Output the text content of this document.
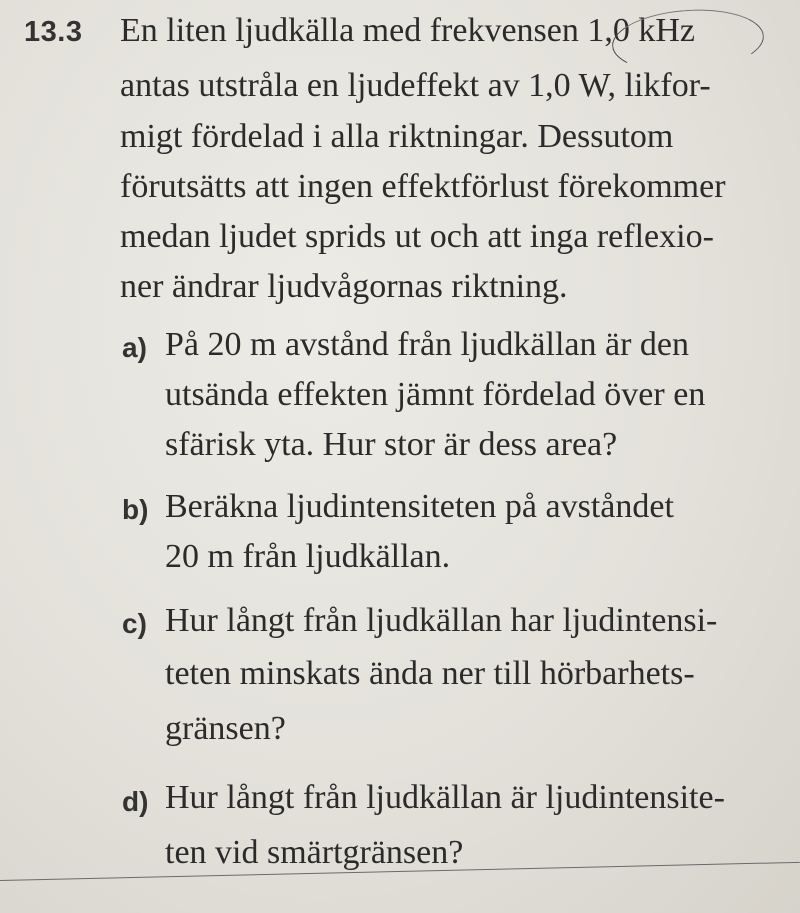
13.3 En liten ljudkälla med frekvensen 1,0 kHz
antas utstråla en ljudeffekt av 1,0 W, likfor-
migt fördelad i alla riktningar. Dessutom
förutsätts att ingen effektförlust förekommer
medan ljudet sprids ut och att inga reflexio-
ner ändrar ljudvågornas riktning.
a) På 20 m avstånd från ljudkällan är den
utsända effekten jämnt fördelad över en
sfärisk yta. Hur stor är dess area?
b) Beräkna ljudintensiteten på avståndet
20 m från ljudkällan.
c) Hur långt från ljudkällan har ljudintensi-
teten minskats ända ner till hörbarhets-
gränsen?
d) Hur långt från ljudkällan är ljudintensite-
ten vid smärtgränsen?
